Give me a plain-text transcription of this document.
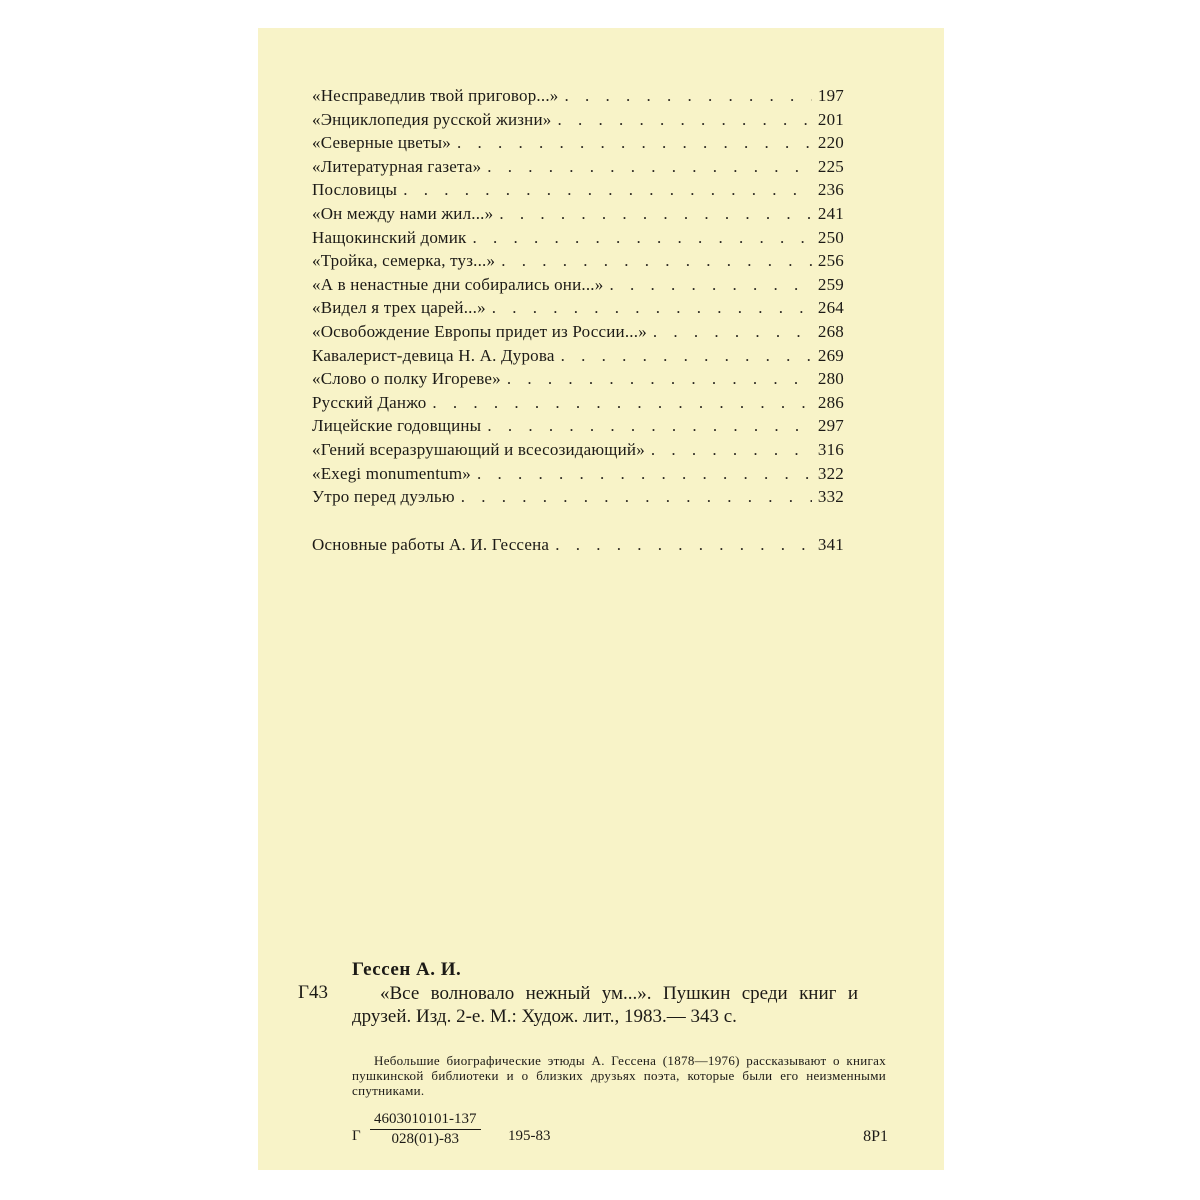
«Несправедлив твой приговор...» . . .	197
«Энциклопедия русской жизни» . . .	201
«Северные цветы» . . .	220
«Литературная газета» . . .	225
Пословицы . . .	236
«Он между нами жил...» . . .	241
Нащокинский домик . . .	250
«Тройка, семерка, туз...» . . .	256
«А в ненастные дни собирались они...» . . .	259
«Видел я трех царей...» . . .	264
«Освобождение Европы придет из России...» . . .	268
Кавалерист-девица Н. А. Дурова . . .	269
«Слово о полку Игореве» . . .	280
Русский Данжо . . .	286
Лицейские годовщины . . .	297
«Гений всеразрушающий и всесозидающий» . . .	316
«Exegi monumentum» . . .	322
Утро перед дуэлью . . .	332
Основные работы А. И. Гессена . . .	341
Гессен А. И.
Г43	«Все волновало нежный ум...». Пушкин среди книг и друзей. Изд. 2-е. М.: Худож. лит., 1983.— 343 с.
Небольшие биографические этюды А. Гессена (1878—1976) рассказывают о книгах пушкинской библиотеки и о близких друзьях поэта, которые были его неизменными спутниками.
Г $\frac{4603010101-137}{028(01)-83} 195-83$	8Р1
